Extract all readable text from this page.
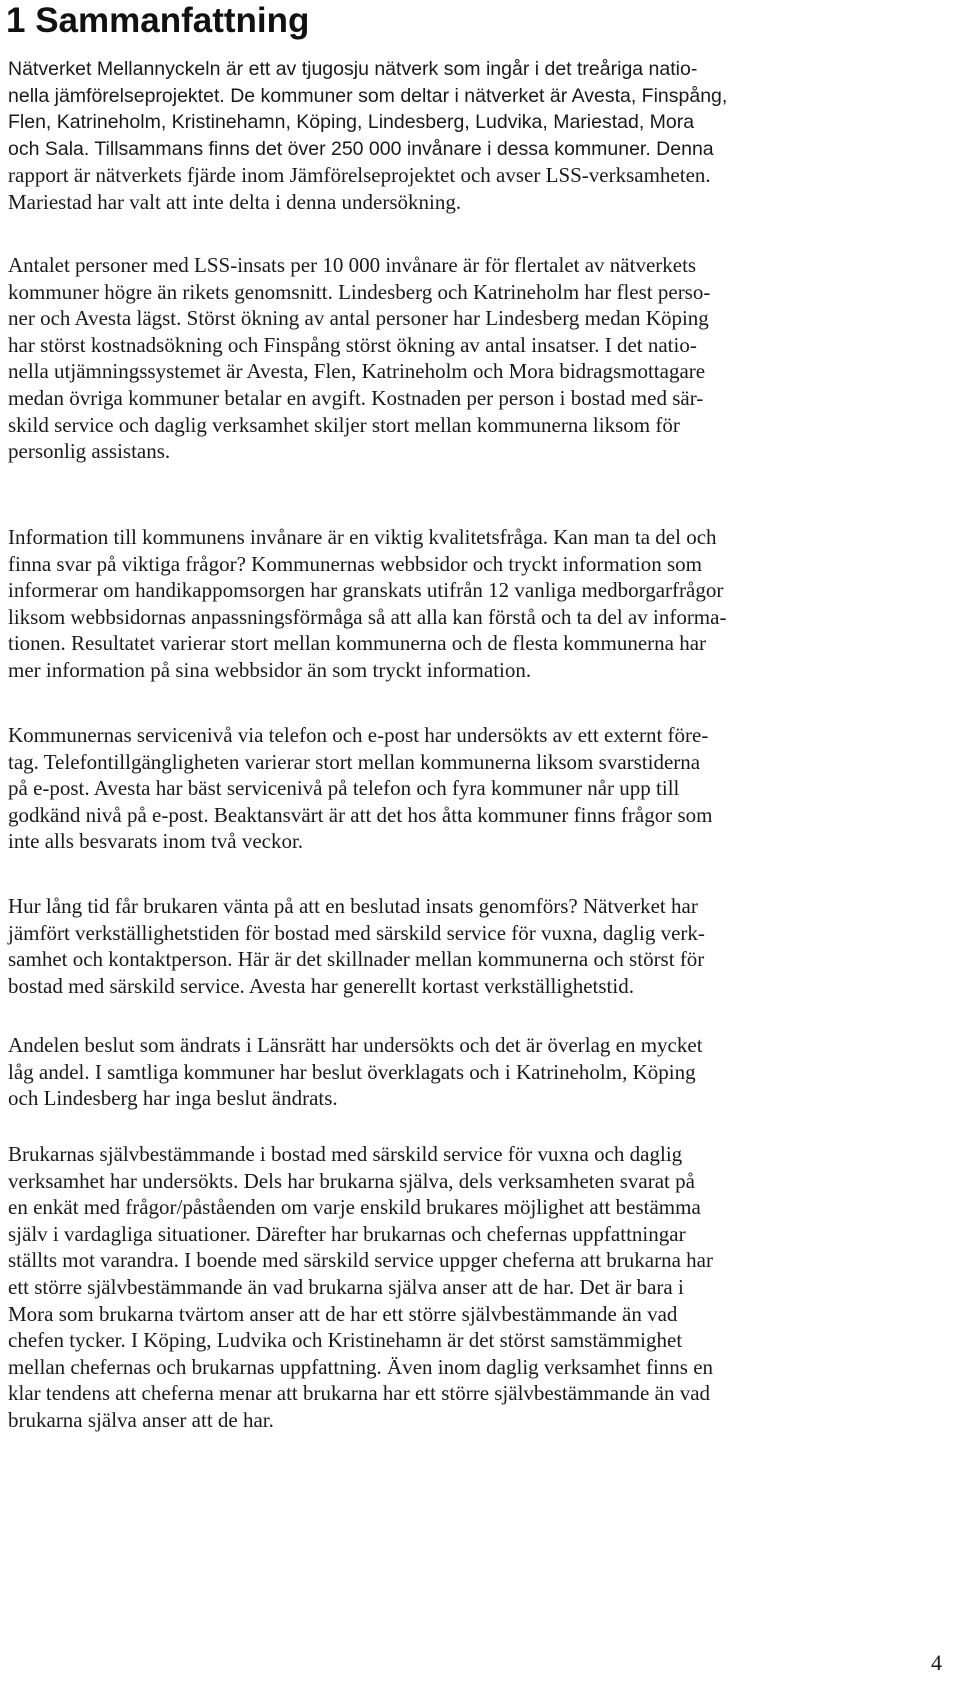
1 Sammanfattning

Nätverket Mellannyckeln är ett av tjugosju nätverk som ingår i det treåriga natio-
nella jämförelseprojektet. De kommuner som deltar i nätverket är Avesta, Finspång,
Flen, Katrineholm, Kristinehamn, Köping, Lindesberg, Ludvika, Mariestad, Mora
och Sala. Tillsammans finns det över 250 000 invånare i dessa kommuner. Denna
rapport är nätverkets fjärde inom Jämförelseprojektet och avser LSS-verksamheten.
Mariestad har valt att inte delta i denna undersökning.

Antalet personer med LSS-insats per 10 000 invånare är för flertalet av nätverkets
kommuner högre än rikets genomsnitt. Lindesberg och Katrineholm har flest perso-
ner och Avesta lägst. Störst ökning av antal personer har Lindesberg medan Köping
har störst kostnadsökning och Finspång störst ökning av antal insatser. I det natio-
nella utjämningssystemet är Avesta, Flen, Katrineholm och Mora bidragsmottagare
medan övriga kommuner betalar en avgift. Kostnaden per person i bostad med sär-
skild service och daglig verksamhet skiljer stort mellan kommunerna liksom för
personlig assistans.

Information till kommunens invånare är en viktig kvalitetsfråga. Kan man ta del och
finna svar på viktiga frågor? Kommunernas webbsidor och tryckt information som
informerar om handikappomsorgen har granskats utifrån 12 vanliga medborgarfrågor
liksom webbsidornas anpassningsförmåga så att alla kan förstå och ta del av informa-
tionen. Resultatet varierar stort mellan kommunerna och de flesta kommunerna har
mer information på sina webbsidor än som tryckt information.

Kommunernas servicenivå via telefon och e-post har undersökts av ett externt före-
tag. Telefontillgängligheten varierar stort mellan kommunerna liksom svarstiderna
på e-post. Avesta har bäst servicenivå på telefon och fyra kommuner når upp till
godkänd nivå på e-post. Beaktansvärt är att det hos åtta kommuner finns frågor som
inte alls besvarats inom två veckor.

Hur lång tid får brukaren vänta på att en beslutad insats genomförs? Nätverket har
jämfört verkställighetstiden för bostad med särskild service för vuxna, daglig verk-
samhet och kontaktperson. Här är det skillnader mellan kommunerna och störst för
bostad med särskild service. Avesta har generellt kortast verkställighetstid.

Andelen beslut som ändrats i Länsrätt har undersökts och det är överlag en mycket
låg andel. I samtliga kommuner har beslut överklagats och i Katrineholm, Köping
och Lindesberg har inga beslut ändrats.

Brukarnas självbestämmande i bostad med särskild service för vuxna och daglig
verksamhet har undersökts. Dels har brukarna själva, dels verksamheten svarat på
en enkät med frågor/påståenden om varje enskild brukares möjlighet att bestämma
själv i vardagliga situationer. Därefter har brukarnas och chefernas uppfattningar
ställts mot varandra. I boende med särskild service uppger cheferna att brukarna har
ett större självbestämmande än vad brukarna själva anser att de har. Det är bara i
Mora som brukarna tvärtom anser att de har ett större självbestämmande än vad
chefen tycker. I Köping, Ludvika och Kristinehamn är det störst samstämmighet
mellan chefernas och brukarnas uppfattning. Även inom daglig verksamhet finns en
klar tendens att cheferna menar att brukarna har ett större självbestämmande än vad
brukarna själva anser att de har.

4
